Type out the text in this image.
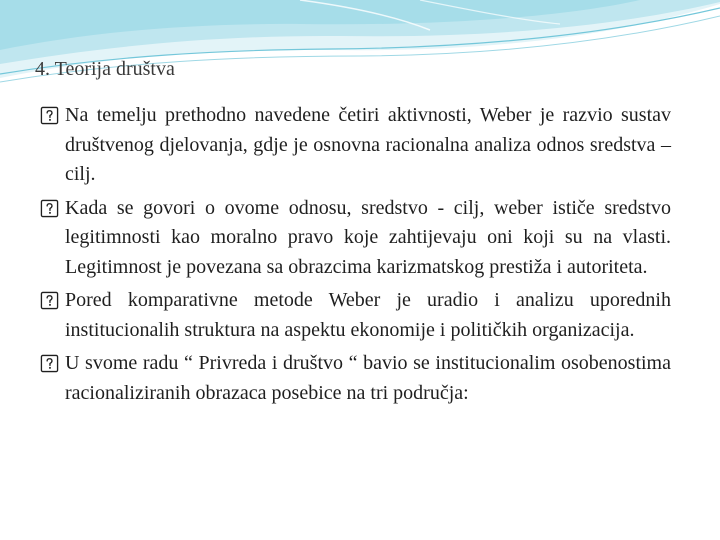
4. Teorija društva
Na temelju prethodno navedene četiri aktivnosti, Weber je razvio sustav društvenog djelovanja, gdje je osnovna racionalna analiza odnos sredstva – cilj.
Kada se govori o ovome odnosu, sredstvo - cilj, weber ističe sredstvo legitimnosti kao moralno pravo koje zahtijevaju oni koji su na vlasti. Legitimnost je povezana sa obrazcima karizmatskog prestiža i autoriteta.
Pored komparativne metode Weber je uradio i analizu uporednih institucionalih struktura na aspektu ekonomije i političkih organizacija.
U svome radu “ Privreda i društvo “ bavio se institucionalim osobenostima racionaliziranih obrazaca posebice na tri područja:
